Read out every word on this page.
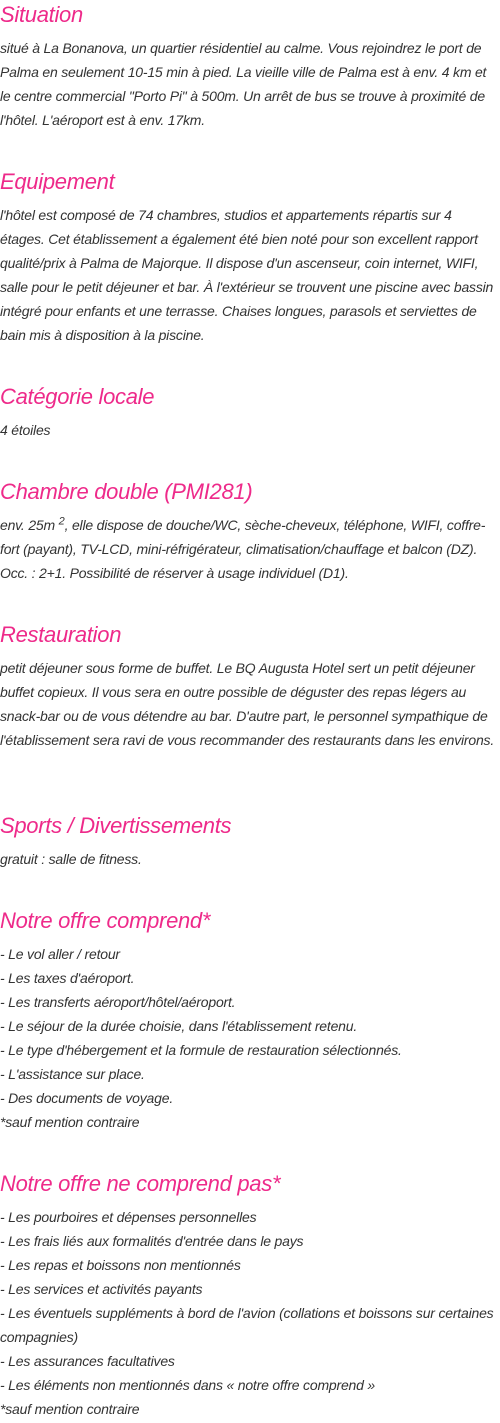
Situation

situé à La Bonanova, un quartier résidentiel au calme. Vous rejoindrez le port de Palma en seulement 10-15 min à pied. La vieille ville de Palma est à env. 4 km et le centre commercial "Porto Pi" à 500m. Un arrêt de bus se trouve à proximité de l'hôtel. L'aéroport est à env. 17km.

Equipement

l'hôtel est composé de 74 chambres, studios et appartements répartis sur 4 étages. Cet établissement a également été bien noté pour son excellent rapport qualité/prix à Palma de Majorque. Il dispose d'un ascenseur, coin internet, WIFI, salle pour le petit déjeuner et bar. À l'extérieur se trouvent une piscine avec bassin intégré pour enfants et une terrasse. Chaises longues, parasols et serviettes de bain mis à disposition à la piscine.

Catégorie locale

4 étoiles

Chambre double (PMI281)

env. 25m $^2$, elle dispose de douche/WC, sèche-cheveux, téléphone, WIFI, coffre-fort (payant), TV-LCD, mini-réfrigérateur, climatisation/chauffage et balcon (DZ). Occ. : 2+1. Possibilité de réserver à usage individuel (D1).

Restauration

petit déjeuner sous forme de buffet. Le BQ Augusta Hotel sert un petit déjeuner buffet copieux. Il vous sera en outre possible de déguster des repas légers au snack-bar ou de vous détendre au bar. D'autre part, le personnel sympathique de l'établissement sera ravi de vous recommander des restaurants dans les environs.

Sports / Divertissements

gratuit : salle de fitness.

Notre offre comprend*
- Le vol aller / retour
- Les taxes d'aéroport.
- Les transferts aéroport/hôtel/aéroport.
- Le séjour de la durée choisie, dans l'établissement retenu.
- Le type d'hébergement et la formule de restauration sélectionnés.
- L'assistance sur place.
- Des documents de voyage.

*sauf mention contraire

Notre offre ne comprend pas*
- Les pourboires et dépenses personnelles
- Les frais liés aux formalités d'entrée dans le pays
- Les repas et boissons non mentionnés
- Les services et activités payants
- Les éventuels suppléments à bord de l'avion (collations et boissons sur certaines compagnies)
- Les assurances facultatives
- Les éléments non mentionnés dans « notre offre comprend »

*sauf mention contraire
